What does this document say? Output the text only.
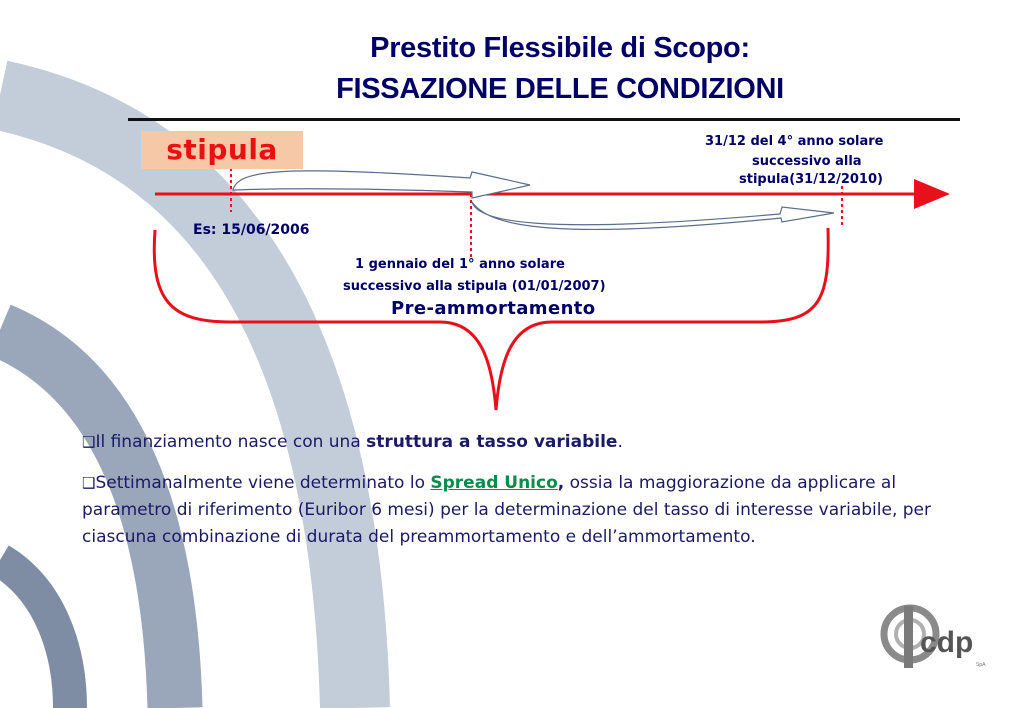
Prestito Flessibile di Scopo:
FISSAZIONE DELLE CONDIZIONI
stipula
Es: 15/06/2006
31/12 del 4° anno solare
successivo alla
stipula(31/12/2010)
1 gennaio del 1° anno solare
successivo alla stipula (01/01/2007)
Pre-ammortamento
❑Il finanziamento nasce con una struttura a tasso variabile.
❑Settimanalmente viene determinato lo Spread Unico, ossia la maggiorazione da applicare al parametro di riferimento (Euribor 6 mesi) per la determinazione del tasso di interesse variabile, per ciascuna combinazione di durata del preammortamento e dell’ammortamento.
cdp
SpA
